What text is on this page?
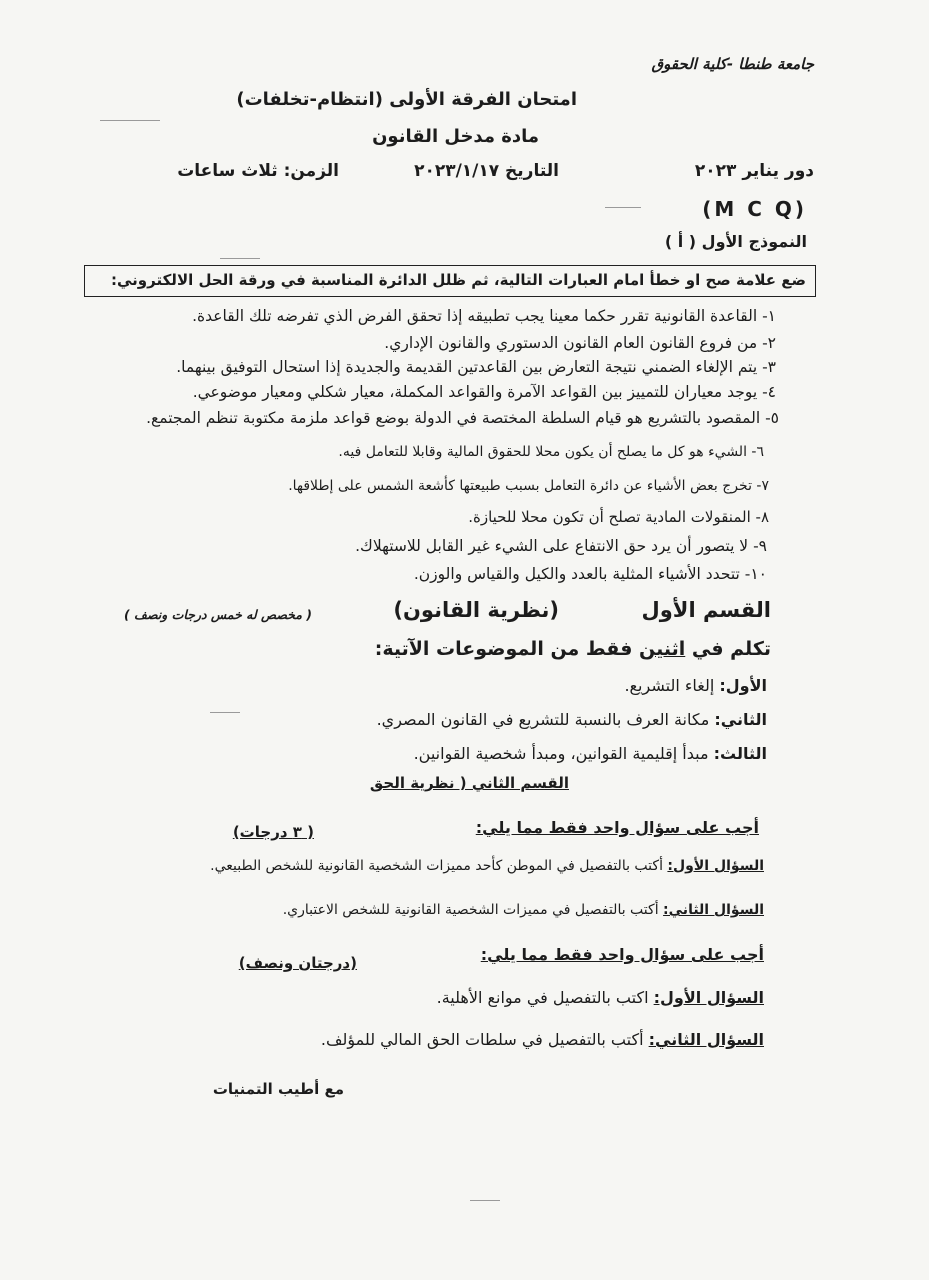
جامعة طنطا -كلية الحقوق
امتحان الفرقة الأولى (انتظام-تخلفات)
مادة مدخل القانون
دور يناير ٢٠٢٣
التاريخ ٢٠٢٣/١/١٧
الزمن: ثلاث ساعات
(M C Q)
النموذج الأول ( أ )
ضع علامة صح او خطأ امام العبارات التالية، ثم ظلل الدائرة المناسبة في ورقة الحل الالكتروني:
١- القاعدة القانونية تقرر حكما معينا يجب تطبيقه إذا تحقق الفرض الذي تفرضه تلك القاعدة.
٢- من فروع القانون العام القانون الدستوري والقانون الإداري.
٣- يتم الإلغاء الضمني نتيجة التعارض بين القاعدتين القديمة والجديدة إذا استحال التوفيق بينهما.
٤- يوجد معياران للتمييز بين القواعد الآمرة والقواعد المكملة، معيار شكلي ومعيار موضوعي.
٥- المقصود بالتشريع هو قيام السلطة المختصة في الدولة بوضع قواعد ملزمة مكتوبة تنظم المجتمع.
٦- الشيء هو كل ما يصلح أن يكون محلا للحقوق المالية وقابلا للتعامل فيه.
٧- تخرج بعض الأشياء عن دائرة التعامل بسبب طبيعتها كأشعة الشمس على إطلاقها.
٨- المنقولات المادية تصلح أن تكون محلا للحيازة.
٩- لا يتصور أن يرد حق الانتفاع على الشيء غير القابل للاستهلاك.
١٠- تتحدد الأشياء المثلية بالعدد والكيل والقياس والوزن.
القسم الأول
(نظرية القانون)
( مخصص له خمس درجات ونصف )
تكلم في اثنين فقط من الموضوعات الآتية:
الأول: إلغاء التشريع.
الثاني: مكانة العرف بالنسبة للتشريع في القانون المصري.
الثالث: مبدأ إقليمية القوانين، ومبدأ شخصية القوانين.
القسم الثاني ( نظرية الحق
أجب على سؤال واحد فقط مما يلي:
( ٣ درجات)
السؤال الأول: أكتب بالتفصيل في الموطن كأحد مميزات الشخصية القانونية للشخص الطبيعي.
السؤال الثاني: أكتب بالتفصيل في مميزات الشخصية القانونية للشخص الاعتباري.
أجب على سؤال واحد فقط مما يلي:
(درجتان ونصف)
السؤال الأول: اكتب بالتفصيل في موانع الأهلية.
السؤال الثاني: أكتب بالتفصيل في سلطات الحق المالي للمؤلف.
مع أطيب التمنيات
